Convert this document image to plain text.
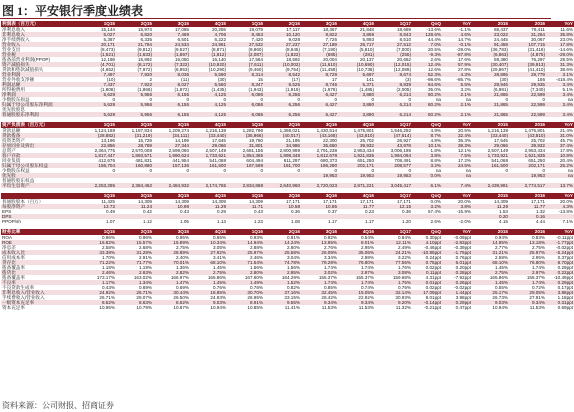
图 1：平安银行季度业绩表
利润表（百万元）	1Q15	2Q15	3Q15	4Q15	1Q16	2Q16	3Q16	4Q16	1Q17	QoQ	YoY	2015	2016	YoY
净利息收入	15,144	15,974	17,065	20,255	19,079	17,117	18,367	21,848	18,669	-13.6%	-1.1%	68,437	76,411	11.6%
非利息收入	5,027	5,820	7,469	4,706	8,453	10,120	8,822	3,869	8,843	128.6%	4.6%	23,022	31,264	35.8%
净手续费收入	5,387	6,335	6,501	6,222	7,420	9,028	7,726	5,893	8,510	44.4%	14.7%	24,445	30,067	23.0%
营业收入	20,171	21,794	24,534	24,961	27,532	27,237	27,189	25,717	27,512	7.0%	-0.1%	91,459	107,715	17.8%
营业支出	(8,473)	(9,812)	(9,527)	(8,871)	(9,860)	(8,645)	(7,190)	(5,810)	(7,000)	20.5%	-29.0%	(36,783)	(31,418)	-14.6%
营业税	(1,521)	(1,633)	(1,897)	(1,812)	(2,087)	(1,822)	(685)	(281)	(255)	-9.3%	-87.8%	(6,863)	(4,875)	-29.0%
拨备前营业利润(PPOP)	12,198	15,892	15,050	16,140	17,564	18,592	20,004	20,137	20,662	2.6%	17.6%	59,380	76,297	28.5%
资产减值损失	(4,701)	(8,172)	(7,322)	(10,920)	(7,611)	(10,002)	(11,610)	(10,690)	(12,015)	12.4%	57.9%	(30,407)	(39,913)	31.3%
贷款和垫款减值损失	(4,652)	(7,972)	(6,953)	(10,290)	(9,460)	(9,754)	(11,458)	(10,738)	(12,089)	12.6%	27.8%	(29,867)	(41,410)	38.6%
营业利润	7,497	7,920	8,036	5,590	8,314	8,542	8,729	5,697	8,674	52.3%	4.3%	28,895	29,779	3.1%
营业外收支净额	(10)	2	(11)	(30)	15	(17)	17	141	(3)	-98.6%	-86.7%	(30)	156	-418.4%
利润总额	7,437	7,922	8,027	5,560	8,347	8,525	8,746	5,371	8,839	64.6%	5.5%	28,946	29,935	3.4%
所得税费用	(1,808)	(1,866)	(1,872)	(1,435)	(1,943)	(1,919)	(1,978)	(1,485)	(2,005)	35.0%	3.2%	(6,981)	(7,340)	5.1%
净利润	5,629	5,956	6,155	4,125	6,086	6,256	6,427	3,880	6,214	60.2%	2.1%	21,865	22,599	3.4%
少数股东损益	0	0	0	0	0	0	0	0	0	na	na	0	0	na
归属于母公司股东净利润	5,629	5,956	6,155	4,125	6,086	6,256	6,427	3,880	6,214	60.2%	2.1%	21,865	22,599	3.4%
优先股股息														
普通股股东净利润	5,629	5,956	6,155	4,125	6,086	6,256	6,427	3,880	6,214	60.2%	2.1%	21,865	22,599	3.4%
资产负债表（百万元）	1Q15	2Q15	3Q15	4Q15	1Q16	2Q16	3Q16	4Q16	1Q17	QoQ	YoY	2015	2016	YoY
贷款总额	1,124,168	1,187,834	1,209,274	1,216,138	1,282,796	1,358,021	1,430,514	1,475,801	1,546,292	4.9%	20.5%	1,216,138	1,475,801	21.4%
贷款拨备	(28,882)	(31,219)	(34,111)	(33,440)	(35,966)	(40,017)	(43,168)	(43,810)	(47,614)	8.7%	32.4%	(33,440)	(43,810)	31.0%
投资类资产	13,196	15,729	14,199	17,645	19,750	21,195	22,300	25,702	26,927	4.8%	36.3%	17,645	25,702	45.7%
存放同业及拆出	22,856	28,769	27,344	29,066	31,801	34,986	35,660	39,932	43,978	10.1%	38.3%	29,066	39,932	37.4%
总资产	2,364,775	2,570,008	2,599,060	2,507,149	2,681,155	2,800,969	2,791,238	2,953,434	3,006,195	1.8%	12.1%	2,507,149	2,953,434	17.8%
客户存款	1,817,447	1,893,571	1,990,624	1,733,921	1,854,365	1,898,348	1,812,678	1,921,835	1,994,094	3.8%	7.5%	1,733,921	1,921,835	10.8%
同业负债	412,676	481,831	441,954	541,068	604,494	611,297	680,373	651,250	708,491	8.8%	17.2%	541,068	651,250	20.4%
归属于母公司股东权益	156,704	160,880	157,136	161,500	167,569	181,700	186,290	202,171	208,577	3.2%	24.5%	161,500	202,171	25.2%
少数股东权益	0	0	0	0	0	0	0	0	0	na	na	0	0	na
优先股							19,953	19,953	19,953	0.0%	na		19,953	na
普通股股东权益														
平均生息资产	2,253,295	2,384,462	2,484,932	2,174,765	2,834,868	2,640,960	2,720,023	2,871,221	3,045,417	6.1%	7.4%	2,439,991	2,774,517	13.7%
	1Q15	2Q15	3Q15	4Q15	1Q16	2Q16	3Q16	4Q16	1Q17	QoQ	YoY	2015	2016	YoY
普通股股本（百万）	11,425	14,309	14,309	14,309	14,309	17,171	17,171	17,171	17,171	0.0%	20.0%	14,309	17,171	20.0%
每股净资产	13.72	11.24	10.98	11.29	11.71	10.58	10.85	11.77	12.15	3.2%	3.8%	11.29	11.77	4.3%
EPS	0.49	0.42	0.43	0.29	0.43	0.36	0.37	0.23	0.36	57.4%	-15.9%	1.53	1.32	-13.8%
DPS												0.20	0.16	
PPOP/sh	1.07	1.12	1.05	1.13	1.23	1.08	1.17	1.17	1.20	2.6%	-2.0%	4.15	4.44	7.1%

财务比率	1Q15	2Q15	3Q15	4Q15	1Q16	2Q16	3Q16	4Q16	1Q17	QoQ	YoY	2015	2016	YoY
ROA	0.96%	0.96%	0.95%	0.65%	0.93%	0.91%	0.92%	0.54%	0.84%	0.30ppt	-0.09ppt	0.94%	0.83%	-0.11ppt
ROE	16.82%	15.57%	15.89%	10.34%	14.94%	14.24%	13.95%	8.01%	12.11%	4.10ppt	-2.83ppt	14.95%	13.18%	-1.77ppt
净息差	2.58%	2.68%	2.75%	3.05%	2.88%	2.80%	2.76%	2.95%	2.49%	-0.46ppt	-0.39ppt	2.77%	2.75%	-0.02ppt
成本收入比	33.38%	31.28%	28.89%	27.92%	25.97%	25.58%	26.09%	35.06%	24.21%	-10.85ppt	-1.76ppt	31.21%	25.97%	-5.24ppt
信用成本率	1.70%	2.91%	2.40%	3.41%	2.46%	3.04%	3.34%	2.98%	3.22%	0.24ppt	0.76ppt	2.58%	2.95%	0.37ppt
贷存比	71.22%	71.77%	70.01%	68.10%	71.54%	74.78%	79.29%	76.80%	77.55%	0.75ppt	6.01ppt	68.10%	76.80%	8.70ppt
拨备覆盖率	1.18%	1.19%	1.36%	1.45%	1.56%	1.56%	1.74%	1.74%	1.76%	0.02ppt	0.20ppt	1.45%	1.74%	0.29ppt
拨贷比	2.46%	2.63%	2.82%	2.75%	2.80%	2.95%	3.02%	2.97%	3.08%	0.11ppt	0.28ppt	2.75%	2.97%	0.22ppt
拨备覆盖率	173.17%	163.02%	166.97%	165.86%	167.60%	164.29%	155.37%	155.37%	159.68%	4.31ppt	-7.92ppt	165.86%	155.37%	-10.49ppt
不良率	1.17%	1.34%	1.47%	1.45%	1.49%	1.52%	1.74%	1.74%	1.75%	0.01ppt	0.26ppt	1.45%	1.74%	0.29ppt
不良贷款生成率	0.43%	0.69%	0.69%	0.76%	0.78%	0.82%	0.85%	0.74%	0.76%	0.02ppt	-0.02ppt	0.55%	0.72%	0.17ppt
非利息收入/营业收入	24.92%	26.71%	30.44%	18.85%	30.70%	37.16%	32.45%	15.05%	32.14%	17.09ppt	1.44ppt	25.17%	29.05%	3.88ppt
手续费收入/营业收入	26.71%	29.07%	26.50%	24.93%	26.95%	33.15%	28.42%	22.92%	30.93%	8.01ppt	3.98ppt	26.73%	27.91%	1.18ppt
一级资本充足率	8.52%	8.63%	8.62%	9.03%	8.91%	9.55%	9.34%	9.34%	9.20%	-0.14ppt	0.29ppt	9.03%	9.34%	0.31ppt
资本充足率	10.95%	10.79%	10.87%	10.94%	10.85%	11.41%	11.53%	11.53%	11.32%	-0.21ppt	0.47ppt	10.94%	11.53%	0.59ppt
资料来源：公司财报、招商证券
